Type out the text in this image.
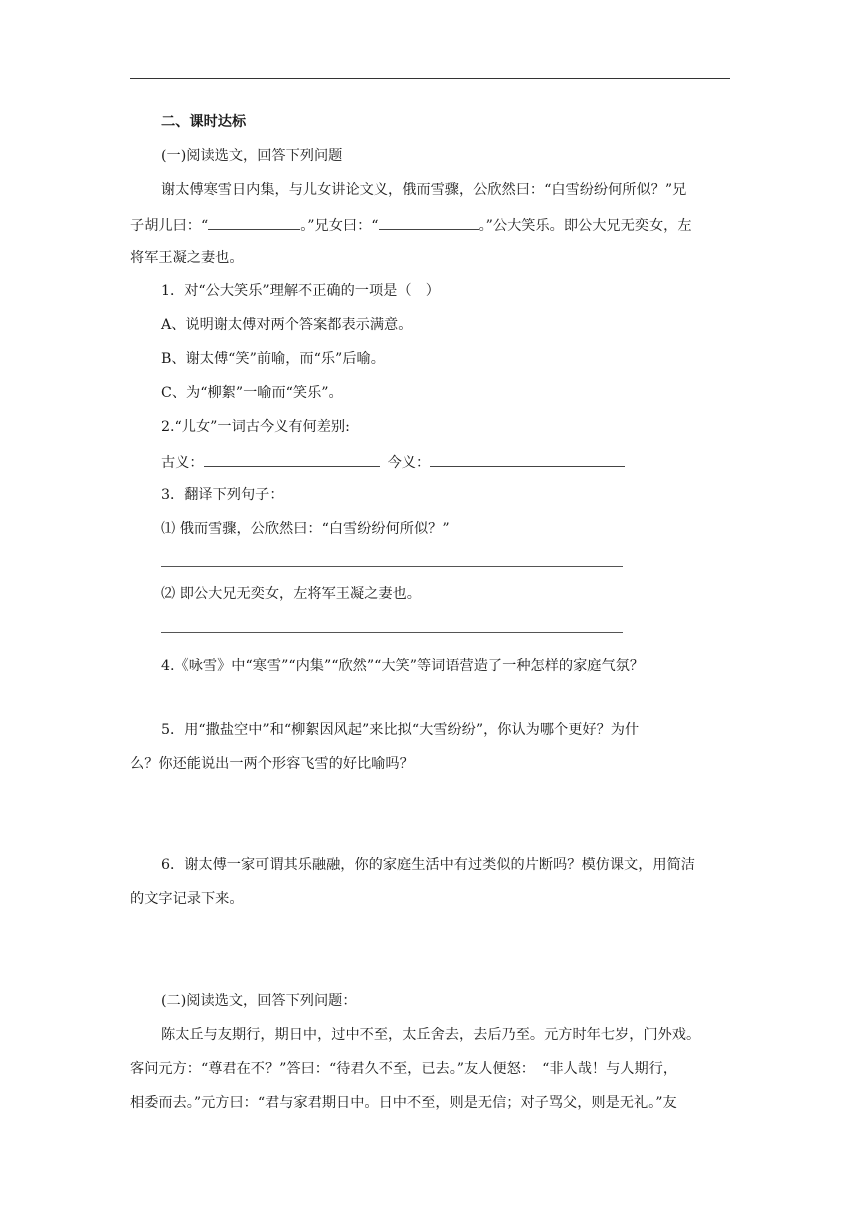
二、课时达标
(一)阅读选文，回答下列问题
谢太傅寒雪日内集，与儿女讲论文义，俄而雪骤，公欣然曰：“白雪纷纷何所似？”兄
子胡儿曰：“	。”兄女曰：“	。”公大笑乐。即公大兄无奕女，左
将军王凝之妻也。
1．对“公大笑乐”理解不正确的一项是（　）
A、说明谢太傅对两个答案都表示满意。
B、谢太傅“笑”前喻，而“乐”后喻。
C、为“柳絮”一喻而“笑乐”。
2.“儿女”一词古今义有何差别:
古义：	今义：
3．翻译下列句子：
⑴ 俄而雪骤，公欣然曰：“白雪纷纷何所似？”
⑵ 即公大兄无奕女，左将军王凝之妻也。
4.《咏雪》中“寒雪”“内集”“欣然”“大笑”等词语营造了一种怎样的家庭气氛？
5．用“撒盐空中”和“柳絮因风起”来比拟“大雪纷纷”，你认为哪个更好？为什
么？你还能说出一两个形容飞雪的好比喻吗？
6．谢太傅一家可谓其乐融融，你的家庭生活中有过类似的片断吗？模仿课文，用简洁
的文字记录下来。
(二)阅读选文，回答下列问题：
陈太丘与友期行，期日中，过中不至，太丘舍去，去后乃至。元方时年七岁，门外戏。
客问元方：“尊君在不？”答曰：“待君久不至，已去。”友人便怒：　“非人哉！与人期行，
相委而去。”元方曰：“君与家君期日中。日中不至，则是无信；对子骂父，则是无礼。”友
